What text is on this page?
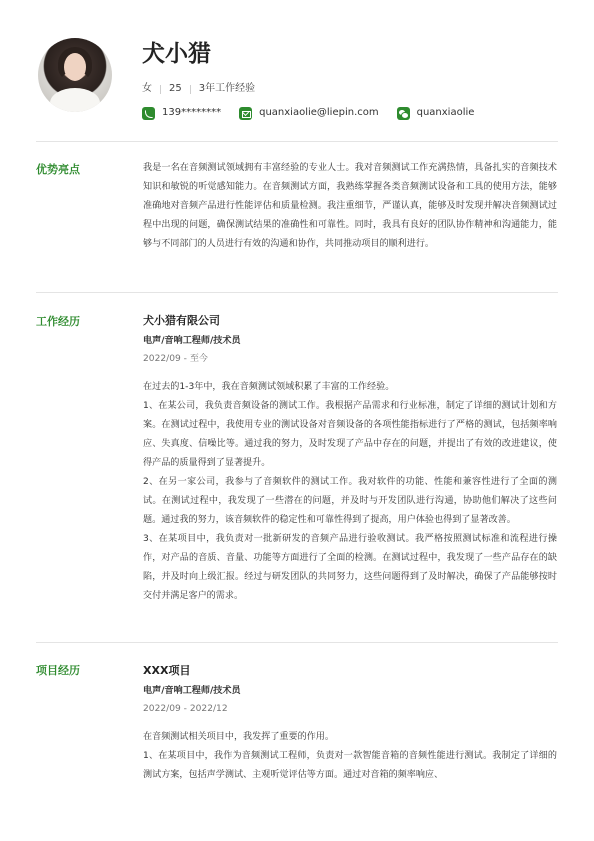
犬小猎
女 25 3年工作经验
139********	quanxiaolie@liepin.com	quanxiaolie
优势亮点	我是一名在音频测试领域拥有丰富经验的专业人士。我对音频测试工作充满热情，具备扎实的音频技术知识和敏锐的听觉感知能力。在音频测试方面，我熟练掌握各类音频测试设备和工具的使用方法，能够准确地对音频产品进行性能评估和质量检测。我注重细节，严谨认真，能够及时发现并解决音频测试过程中出现的问题，确保测试结果的准确性和可靠性。同时，我具有良好的团队协作精神和沟通能力，能够与不同部门的人员进行有效的沟通和协作，共同推动项目的顺利进行。

工作经历	犬小猎有限公司
电声/音响工程师/技术员
2022/09 - 至今

在过去的1-3年中，我在音频测试领域积累了丰富的工作经验。

1、在某公司，我负责音频设备的测试工作。我根据产品需求和行业标准，制定了详细的测试计划和方案。在测试过程中，我使用专业的测试设备对音频设备的各项性能指标进行了严格的测试，包括频率响应、失真度、信噪比等。通过我的努力，及时发现了产品中存在的问题，并提出了有效的改进建议，使得产品的质量得到了显著提升。

2、在另一家公司，我参与了音频软件的测试工作。我对软件的功能、性能和兼容性进行了全面的测试。在测试过程中，我发现了一些潜在的问题，并及时与开发团队进行沟通，协助他们解决了这些问题。通过我的努力，该音频软件的稳定性和可靠性得到了提高，用户体验也得到了显著改善。

3、在某项目中，我负责对一批新研发的音频产品进行验收测试。我严格按照测试标准和流程进行操作，对产品的音质、音量、功能等方面进行了全面的检测。在测试过程中，我发现了一些产品存在的缺陷，并及时向上级汇报。经过与研发团队的共同努力，这些问题得到了及时解决，确保了产品能够按时交付并满足客户的需求。

项目经历	XXX项目
电声/音响工程师/技术员
2022/09 - 2022/12

在音频测试相关项目中，我发挥了重要的作用。

1、在某项目中，我作为音频测试工程师，负责对一款智能音箱的音频性能进行测试。我制定了详细的测试方案，包括声学测试、主观听觉评估等方面。通过对音箱的频率响应、
